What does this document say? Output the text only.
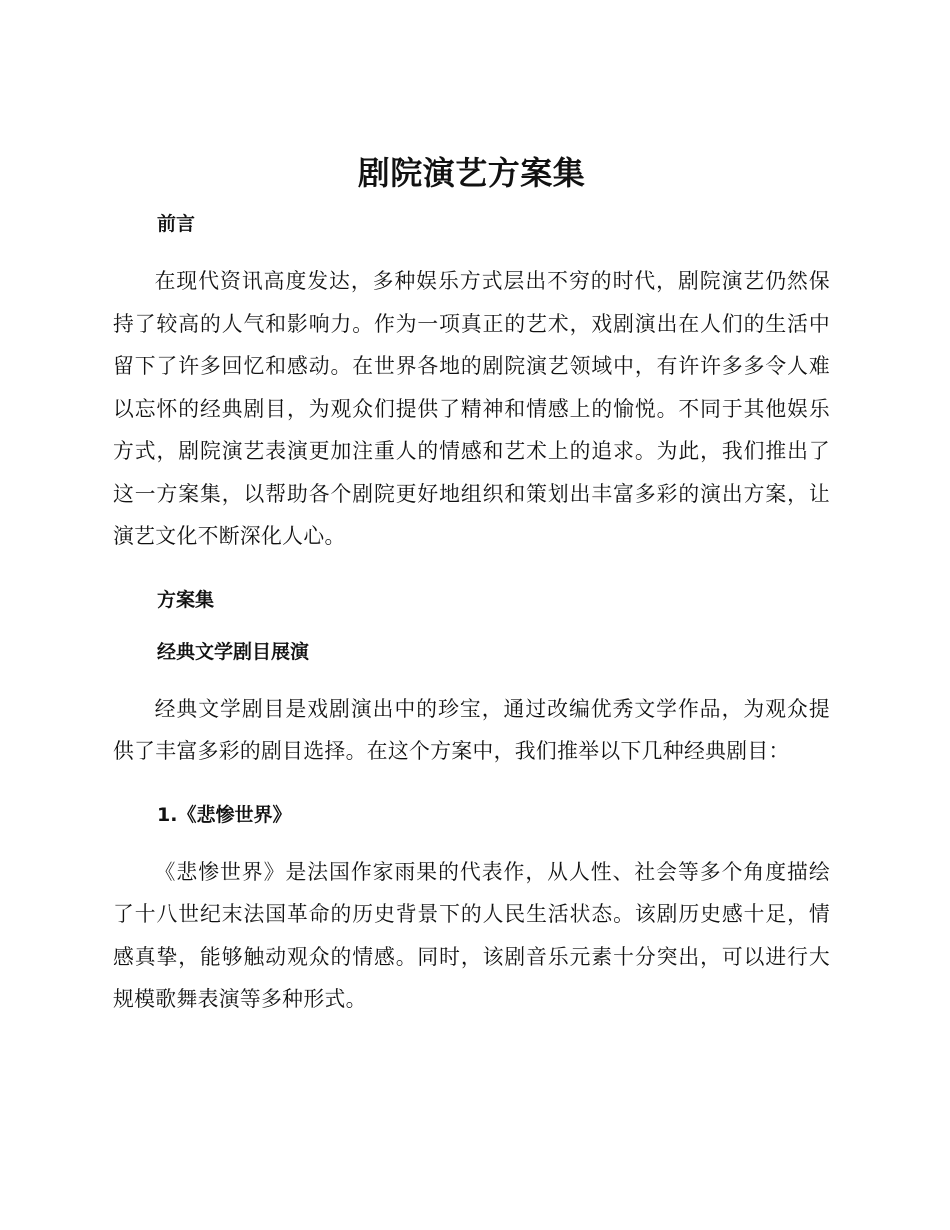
剧院演艺方案集
前言

在现代资讯高度发达，多种娱乐方式层出不穷的时代，剧院演艺仍然保持了较高的人气和影响力。作为一项真正的艺术，戏剧演出在人们的生活中留下了许多回忆和感动。在世界各地的剧院演艺领域中，有许许多多令人难以忘怀的经典剧目，为观众们提供了精神和情感上的愉悦。不同于其他娱乐方式，剧院演艺表演更加注重人的情感和艺术上的追求。为此，我们推出了这一方案集，以帮助各个剧院更好地组织和策划出丰富多彩的演出方案，让演艺文化不断深化人心。

方案集
经典文学剧目展演

经典文学剧目是戏剧演出中的珍宝，通过改编优秀文学作品，为观众提供了丰富多彩的剧目选择。在这个方案中，我们推举以下几种经典剧目：

1.《悲惨世界》

《悲惨世界》是法国作家雨果的代表作，从人性、社会等多个角度描绘了十八世纪末法国革命的历史背景下的人民生活状态。该剧历史感十足，情感真挚，能够触动观众的情感。同时，该剧音乐元素十分突出，可以进行大规模歌舞表演等多种形式。
